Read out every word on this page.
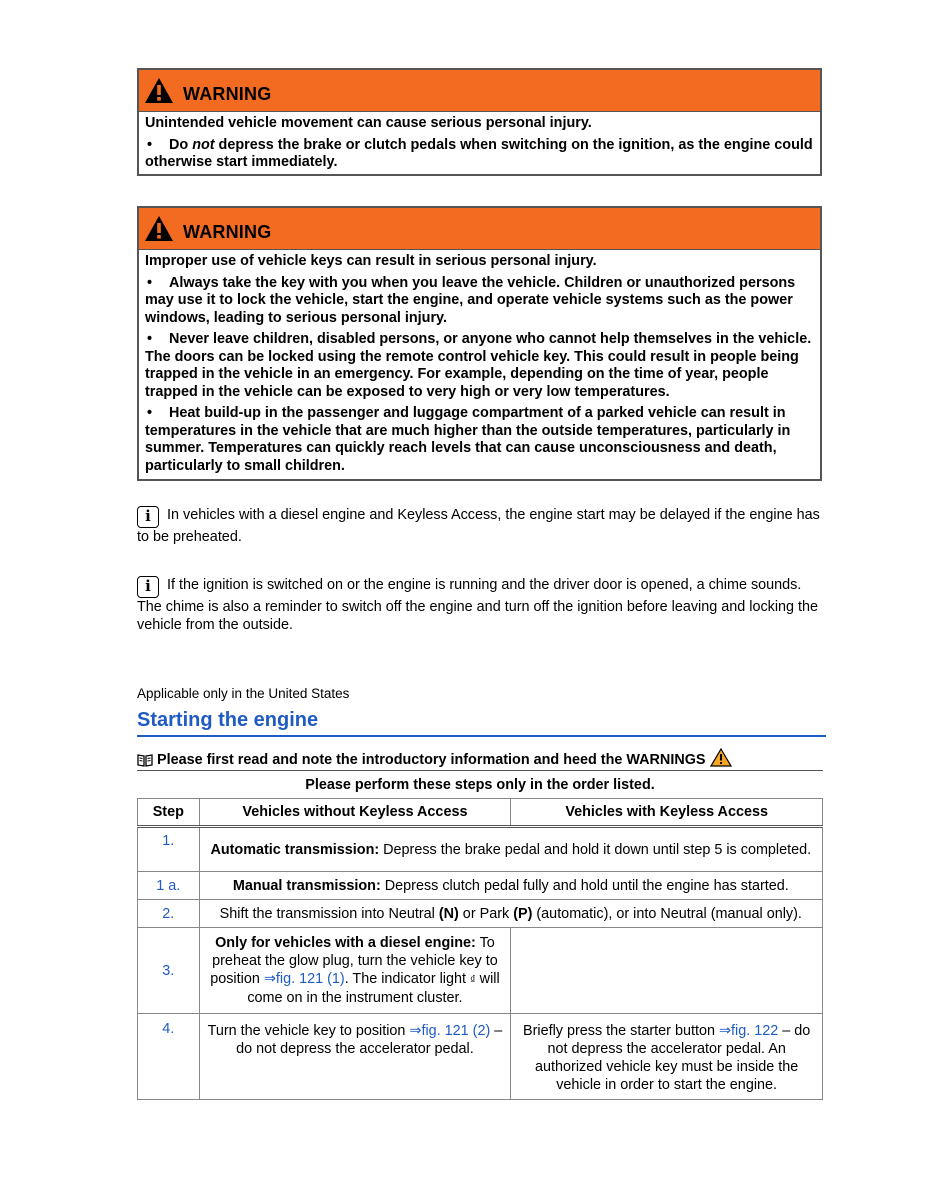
WARNING

Unintended vehicle movement can cause serious personal injury.

• Do not depress the brake or clutch pedals when switching on the ignition, as the engine could otherwise start immediately.

WARNING

Improper use of vehicle keys can result in serious personal injury.

• Always take the key with you when you leave the vehicle. Children or unauthorized persons may use it to lock the vehicle, start the engine, and operate vehicle systems such as the power windows, leading to serious personal injury.

• Never leave children, disabled persons, or anyone who cannot help themselves in the vehicle. The doors can be locked using the remote control vehicle key. This could result in people being trapped in the vehicle in an emergency. For example, depending on the time of year, people trapped in the vehicle can be exposed to very high or very low temperatures.

• Heat build-up in the passenger and luggage compartment of a parked vehicle can result in temperatures in the vehicle that are much higher than the outside temperatures, particularly in summer. Temperatures can quickly reach levels that can cause unconsciousness and death, particularly to small children.

i In vehicles with a diesel engine and Keyless Access, the engine start may be delayed if the engine has to be preheated.
i If the ignition is switched on or the engine is running and the driver door is opened, a chime sounds. The chime is also a reminder to switch off the engine and turn off the ignition before leaving and locking the vehicle from the outside.
Applicable only in the United States
Starting the engine
Please first read and note the introductory information and heed the WARNINGS
Please perform these steps only in the order listed.		
Step	Vehicles without Keyless Access	Vehicles with Keyless Access
1.	Automatic transmission: Depress the brake pedal and hold it down until step 5 is completed.	
1 a.	Manual transmission: Depress clutch pedal fully and hold until the engine has started.	
2.	Shift the transmission into Neutral (N) or Park (P) (automatic), or into Neutral (manual only).	
3.	Only for vehicles with a diesel engine: To preheat the glow plug, turn the vehicle key to position ⇒fig. 121 (1). The indicator light ₫ will come on in the instrument cluster.	
4.	Turn the vehicle key to position ⇒fig. 121 (2) – do not depress the accelerator pedal.	Briefly press the starter button ⇒fig. 122 – do not depress the accelerator pedal. An authorized vehicle key must be inside the vehicle in order to start the engine.
